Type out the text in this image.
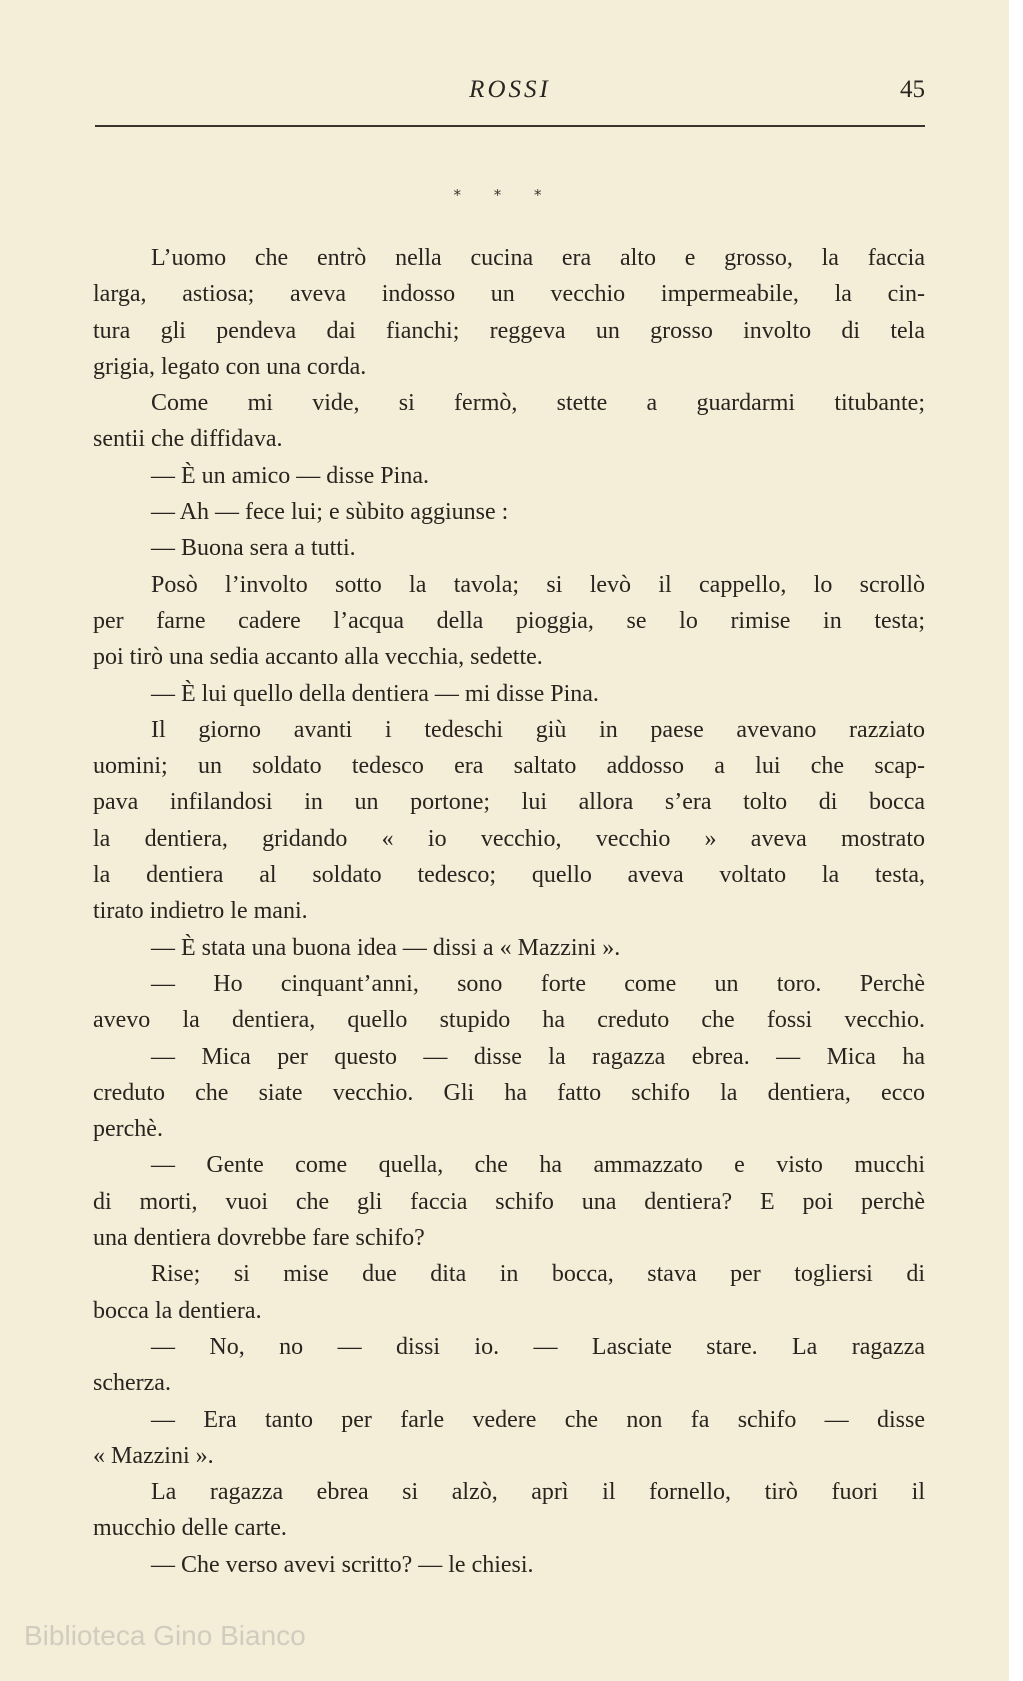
ROSSI	45
* * *
L’uomo che entrò nella cucina era alto e grosso, la faccia
larga, astiosa; aveva indosso un vecchio impermeabile, la cin-
tura gli pendeva dai fianchi; reggeva un grosso involto di tela
grigia, legato con una corda.
Come mi vide, si fermò, stette a guardarmi titubante;
sentii che diffidava.
— È un amico — disse Pina.
— Ah — fece lui; e sùbito aggiunse :
— Buona sera a tutti.
Posò l’involto sotto la tavola; si levò il cappello, lo scrollò
per farne cadere l’acqua della pioggia, se lo rimise in testa;
poi tirò una sedia accanto alla vecchia, sedette.
— È lui quello della dentiera — mi disse Pina.
Il giorno avanti i tedeschi giù in paese avevano razziato
uomini; un soldato tedesco era saltato addosso a lui che scap-
pava infilandosi in un portone; lui allora s’era tolto di bocca
la dentiera, gridando « io vecchio, vecchio » aveva mostrato
la dentiera al soldato tedesco; quello aveva voltato la testa,
tirato indietro le mani.
— È stata una buona idea — dissi a « Mazzini ».
— Ho cinquant’anni, sono forte come un toro. Perchè
avevo la dentiera, quello stupido ha creduto che fossi vecchio.
— Mica per questo — disse la ragazza ebrea. — Mica ha
creduto che siate vecchio. Gli ha fatto schifo la dentiera, ecco
perchè.
— Gente come quella, che ha ammazzato e visto mucchi
di morti, vuoi che gli faccia schifo una dentiera? E poi perchè
una dentiera dovrebbe fare schifo?
Rise; si mise due dita in bocca, stava per togliersi di
bocca la dentiera.
— No, no — dissi io. — Lasciate stare. La ragazza
scherza.
— Era tanto per farle vedere che non fa schifo — disse
« Mazzini ».
La ragazza ebrea si alzò, aprì il fornello, tirò fuori il
mucchio delle carte.
— Che verso avevi scritto? — le chiesi.
Biblioteca Gino Bianco
